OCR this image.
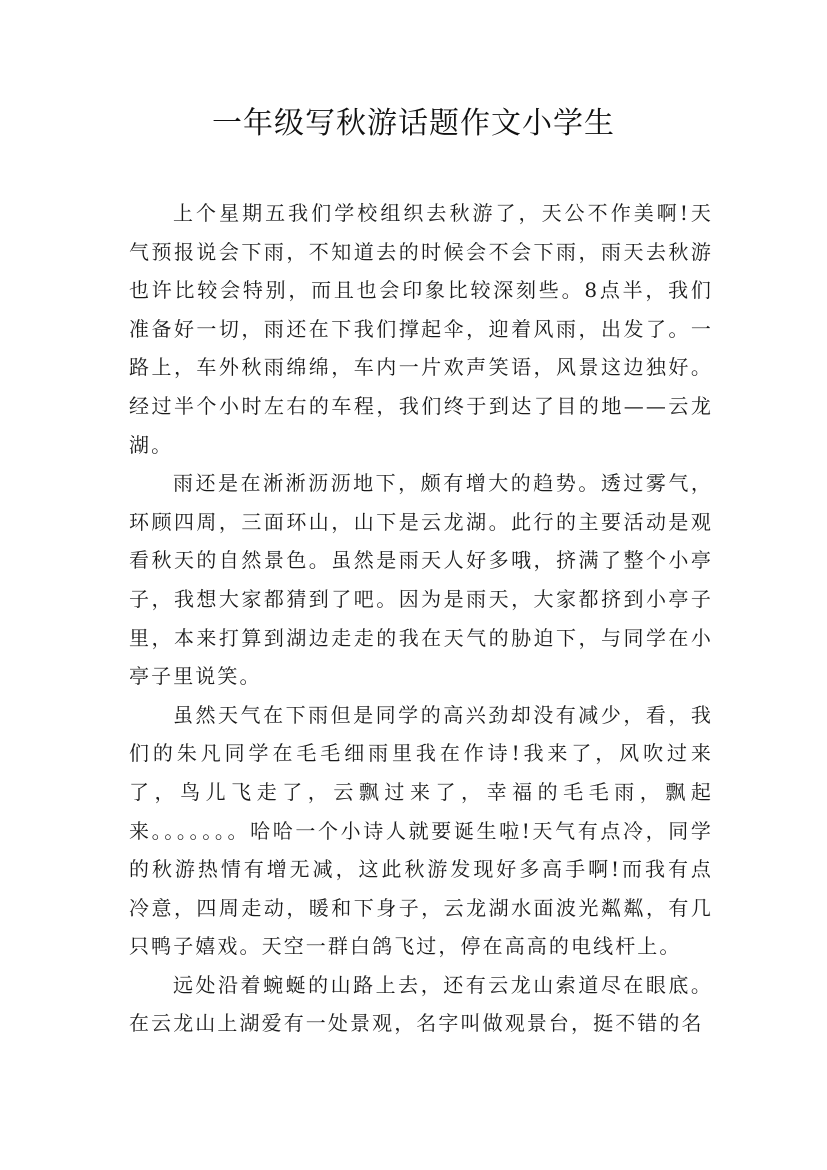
一年级写秋游话题作文小学生

上个星期五我们学校组织去秋游了，天公不作美啊!天气预报说会下雨，不知道去的时候会不会下雨，雨天去秋游也许比较会特别，而且也会印象比较深刻些。8点半，我们准备好一切，雨还在下我们撑起伞，迎着风雨，出发了。一路上，车外秋雨绵绵，车内一片欢声笑语，风景这边独好。经过半个小时左右的车程，我们终于到达了目的地——云龙湖。

雨还是在淅淅沥沥地下，颇有增大的趋势。透过雾气，环顾四周，三面环山，山下是云龙湖。此行的主要活动是观看秋天的自然景色。虽然是雨天人好多哦，挤满了整个小亭子，我想大家都猜到了吧。因为是雨天，大家都挤到小亭子里，本来打算到湖边走走的我在天气的胁迫下，与同学在小亭子里说笑。

虽然天气在下雨但是同学的高兴劲却没有减少，看，我们的朱凡同学在毛毛细雨里我在作诗!我来了，风吹过来了，鸟儿飞走了，云飘过来了，幸福的毛毛雨，飘起来。。。。。。。哈哈一个小诗人就要诞生啦!天气有点冷，同学的秋游热情有增无减，这此秋游发现好多高手啊!而我有点冷意，四周走动，暖和下身子，云龙湖水面波光粼粼，有几只鸭子嬉戏。天空一群白鸽飞过，停在高高的电线杆上。

远处沿着蜿蜒的山路上去，还有云龙山索道尽在眼底。在云龙山上湖爱有一处景观，名字叫做观景台，挺不错的名
